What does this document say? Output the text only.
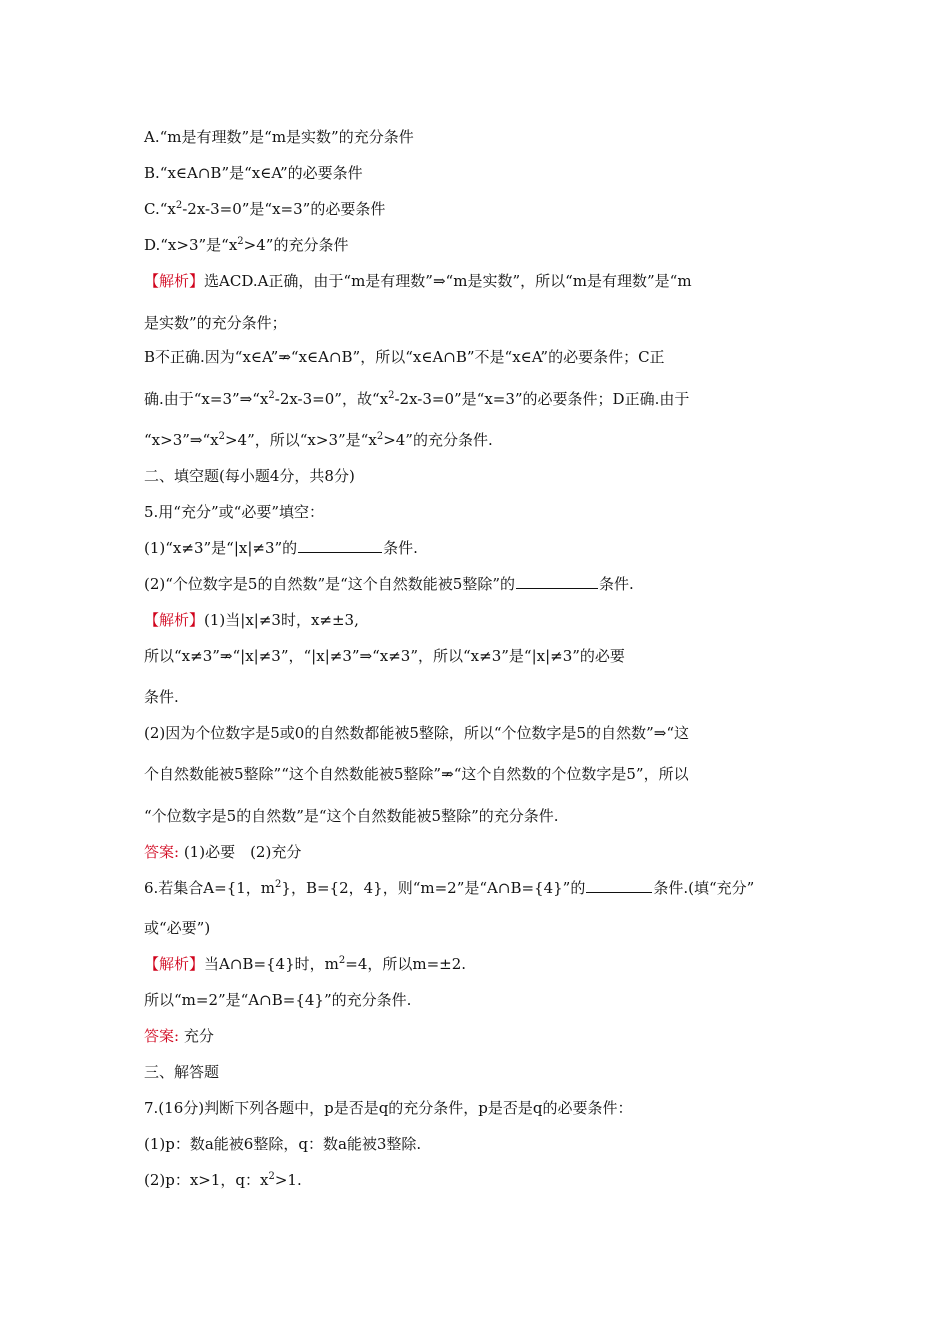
A.“m是有理数”是“m是实数”的充分条件

B.“x∈A∩B”是“x∈A”的必要条件

$C.“x^2-2x-3=0$”是“x=3”的必要条件

D.“x>3”是“$x^2>4$”的充分条件

【解析】选ACD.A正确，由于“m是有理数”⇒“m是实数”，所以“m是有理数”是“m

是实数”的充分条件；

B不正确.因为“x∈A”⇒“x∈A∩B”，所以“x∈A∩B”不是“x∈A”的必要条件；C正

确.由于“$x=3”\Rightarrow“x^2-2x-3=0$”，故“$x^2-2x-3=0$”是“x=3”的必要条件；D正确.由于

“$x>3”\Rightarrow“x^2>4$”，所以“x>3”是“$x^2>4$”的充分条件.

二、填空题(每小题4分，共8分)

5.用“充分”或“必要”填空：

(1)“x≠3”是“|x|≠3”的	条件.

(2)“个位数字是5的自然数”是“这个自然数能被5整除”的	条件.

【解析】(1)当|x|≠3时，x≠±3,

所以“x≠3”⇒“|x|≠3”，“|x|≠3”⇒“x≠3”，所以“x≠3”是“|x|≠3”的必要

条件.

(2)因为个位数字是5或0的自然数都能被5整除，所以“个位数字是5的自然数”⇒“这

个自然数能被5整除”“这个自然数能被5整除”⇒“这个自然数的个位数字是5”，所以

“个位数字是5的自然数”是“这个自然数能被5整除”的充分条件.

答案: (1)必要　(2)充分

6.若集合A={1，$m^2$}，B={2，4}，则“m=2”是“A∩B={4}”的	条件.(填“充分”

或“必要”)

【解析】当A∩B={4}时，$m^2=4$，所以m=±2.

所以“m=2”是“A∩B={4}”的充分条件.

答案: 充分

三、解答题

7.(16分)判断下列各题中，p是否是q的充分条件，p是否是q的必要条件：

(1)p：数a能被6整除，q：数a能被3整除.

(2)p：x>1，q：$x^2>1$.
